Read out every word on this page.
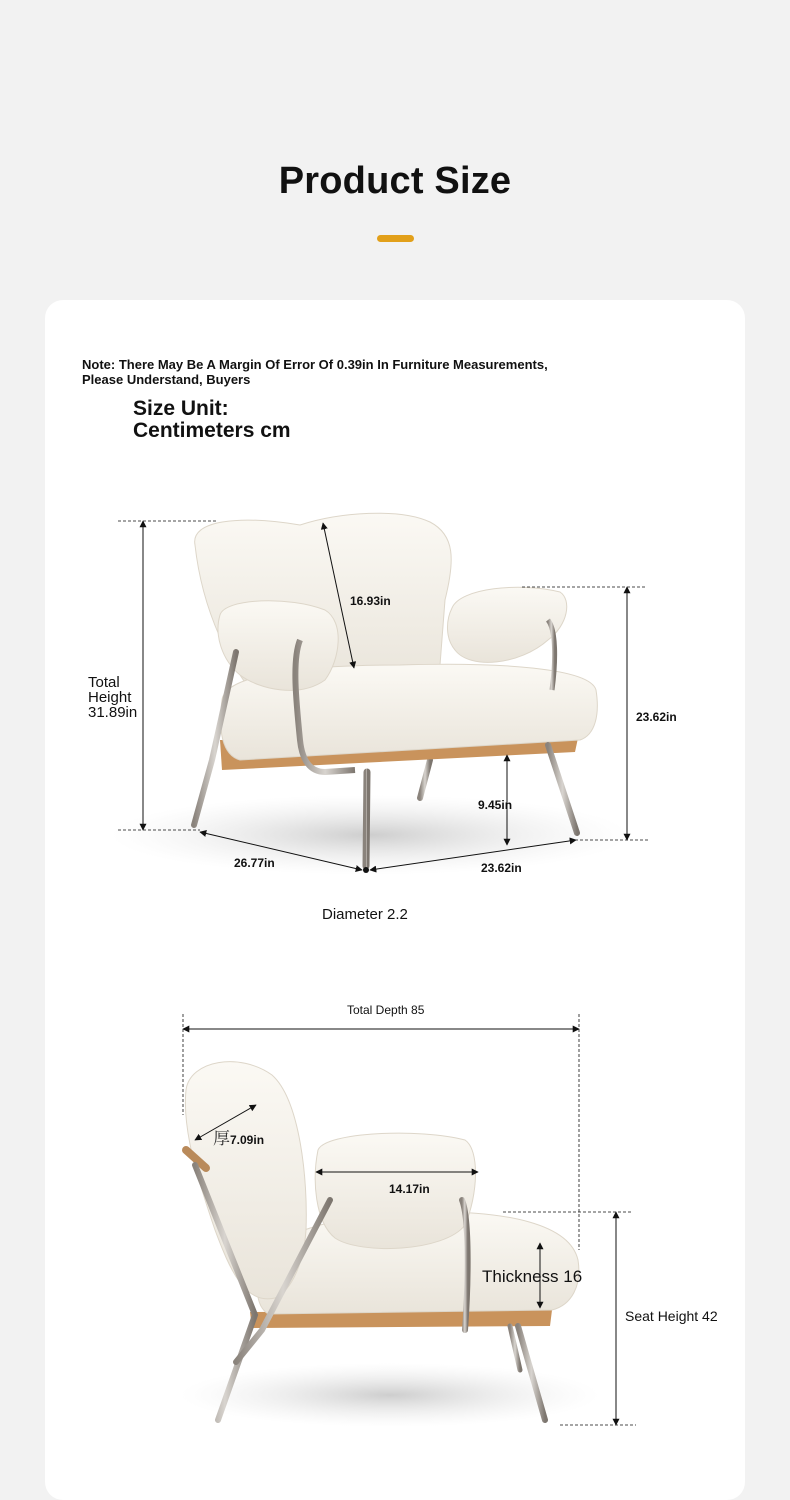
Product Size
Note: There May Be A Margin Of Error Of 0.39in In Furniture Measurements,
Please Understand, Buyers
Size Unit:
Centimeters cm
Total
Height
31.89in
16.93in
23.62in
9.45in
26.77in	23.62in
Diameter 2.2
Total Depth 85
厚7.09in
14.17in
Thickness 16
Seat Height 42
